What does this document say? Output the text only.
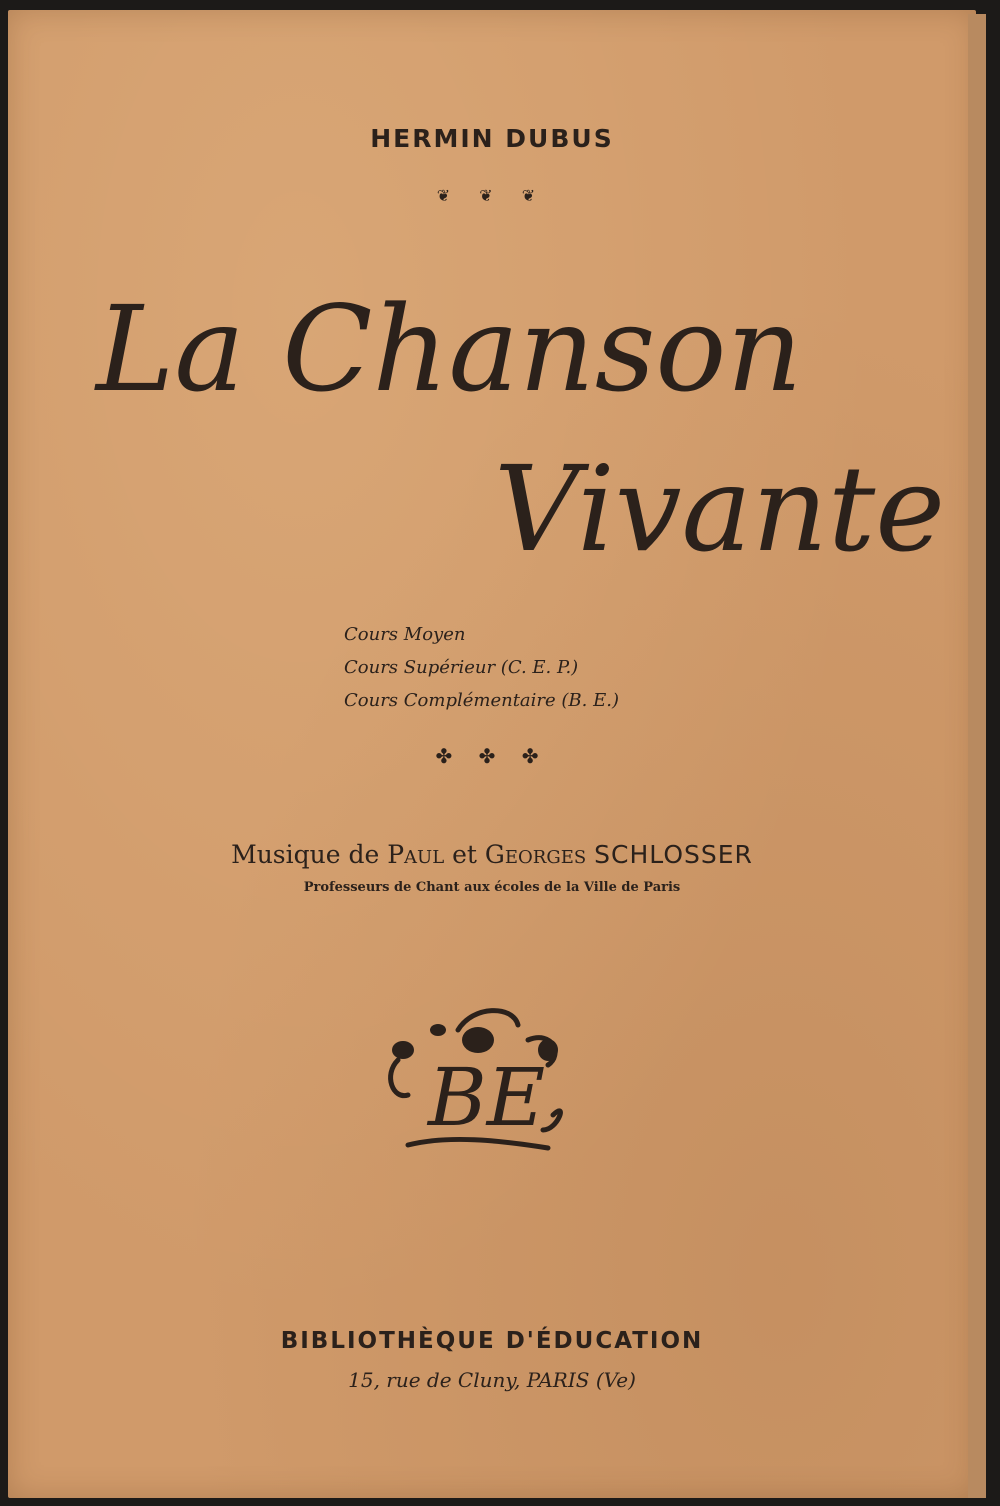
HERMIN DUBUS
❦ ❦ ❦
La Chanson
Vivante
Cours Moyen
Cours Supérieur (C. E. P.)
Cours Complémentaire (B. E.)
✤ ✤ ✤
Musique de Paul et Georges SCHLOSSER
Professeurs de Chant aux écoles de la Ville de Paris
BE
BIBLIOTHÈQUE D'ÉDUCATION
15, rue de Cluny, PARIS (Ve)
